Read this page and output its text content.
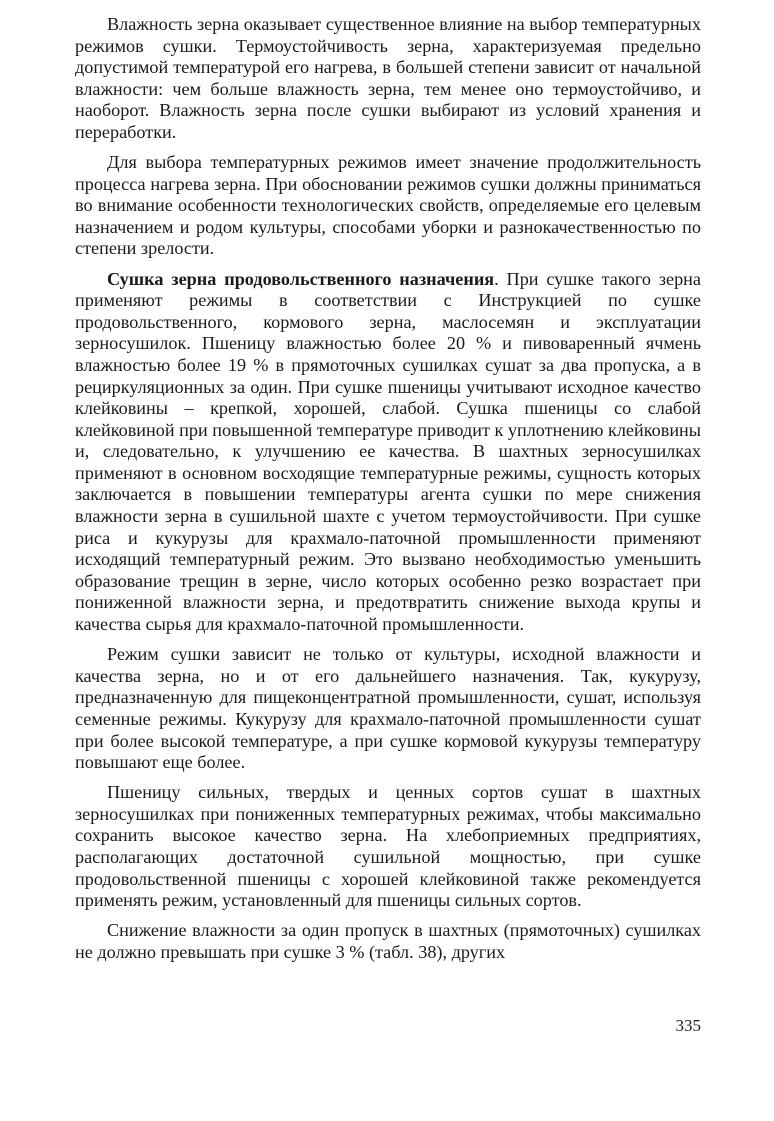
Влажность зерна оказывает существенное влияние на выбор температурных режимов сушки. Термоустойчивость зерна, характеризуемая предельно допустимой температурой его нагрева, в большей степени зависит от начальной влажности: чем больше влажность зерна, тем менее оно термоустойчиво, и наоборот. Влажность зерна после сушки выбирают из условий хранения и переработки.

Для выбора температурных режимов имеет значение продолжительность процесса нагрева зерна. При обосновании режимов сушки должны приниматься во внимание особенности технологических свойств, определяемые его целевым назначением и родом культуры, способами уборки и разнокачественностью по степени зрелости.

Сушка зерна продовольственного назначения. При сушке такого зерна применяют режимы в соответствии с Инструкцией по сушке продовольственного, кормового зерна, маслосемян и эксплуатации зерносушилок. Пшеницу влажностью более 20 % и пивоваренный ячмень влажностью более 19 % в прямоточных сушилках сушат за два пропуска, а в рециркуляционных за один. При сушке пшеницы учитывают исходное качество клейковины – крепкой, хорошей, слабой. Сушка пшеницы со слабой клейковиной при повышенной температуре приводит к уплотнению клейковины и, следовательно, к улучшению ее качества. В шахтных зерносушилках применяют в основном восходящие температурные режимы, сущность которых заключается в повышении температуры агента сушки по мере снижения влажности зерна в сушильной шахте с учетом термоустойчивости. При сушке риса и кукурузы для крахмало-паточной промышленности применяют исходящий температурный режим. Это вызвано необходимостью уменьшить образование трещин в зерне, число которых особенно резко возрастает при пониженной влажности зерна, и предотвратить снижение выхода крупы и качества сырья для крахмало-паточной промышленности.

Режим сушки зависит не только от культуры, исходной влажности и качества зерна, но и от его дальнейшего назначения. Так, кукурузу, предназначенную для пищеконцентратной промышленности, сушат, используя семенные режимы. Кукурузу для крахмало-паточной промышленности сушат при более высокой температуре, а при сушке кормовой кукурузы температуру повышают еще более.

Пшеницу сильных, твердых и ценных сортов сушат в шахтных зерносушилках при пониженных температурных режимах, чтобы максимально сохранить высокое качество зерна. На хлебоприемных предприятиях, располагающих достаточной сушильной мощностью, при сушке продовольственной пшеницы с хорошей клейковиной также рекомендуется применять режим, установленный для пшеницы сильных сортов.

Снижение влажности за один пропуск в шахтных (прямоточных) сушилках не должно превышать при сушке 3 % (табл. 38), других

335
